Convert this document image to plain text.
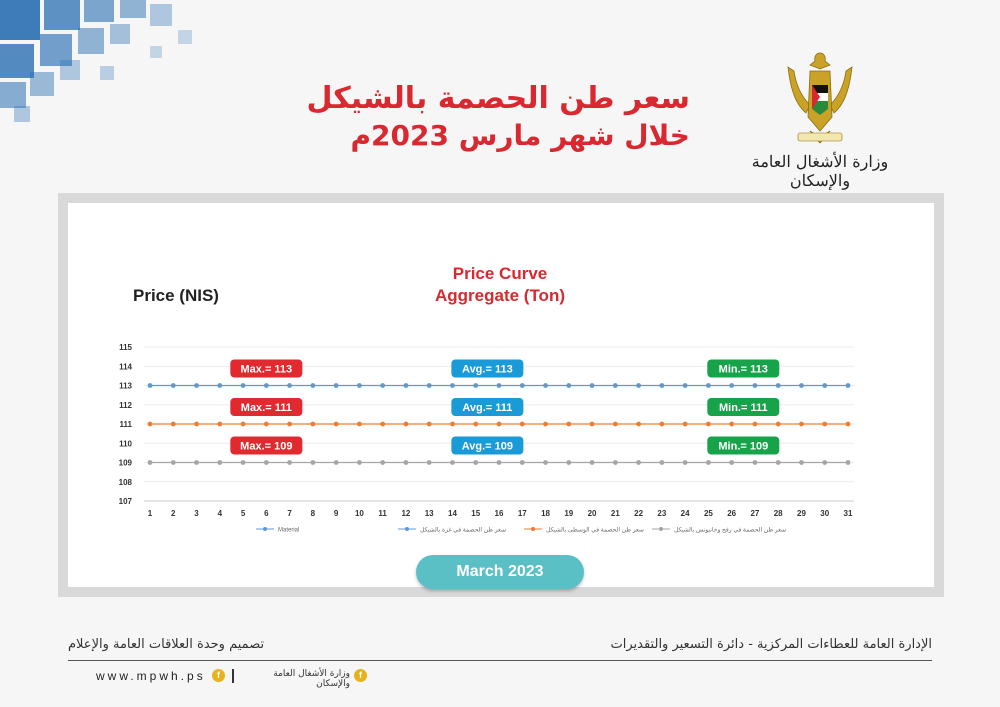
سعر طن الحصمة بالشيكل
خلال شهر مارس 2023م
وزارة الأشغال العامة والإسكان
Price Curve
Aggregate (Ton)
Price (NIS)
107
108
109
110
111
112
113
114
115
1 2 3 4 5 6 7 8 9 10 11 12 13 14 15 16 17 18 19 20 21 22 23 24 25 26 27 28 29 30 31
Max.= 113	Avg.= 113	Min.= 113
Max.= 111	Avg.= 111	Min.= 111
Max.= 109	Avg.= 109	Min.= 109
Material	سعر طن الحصمة في غزة بالشيكل	سعر طن الحصمة في الوسطى بالشيكل	سعر طن الحصمة في رفح وخانيونس بالشيكل
March 2023
الإدارة العامة للعطاءات المركزية - دائرة التسعير والتقديرات
تصميم وحدة العلاقات العامة والإعلام
www.mpwh.ps	f	وزارة الأشغال العامة والإسكان
f
